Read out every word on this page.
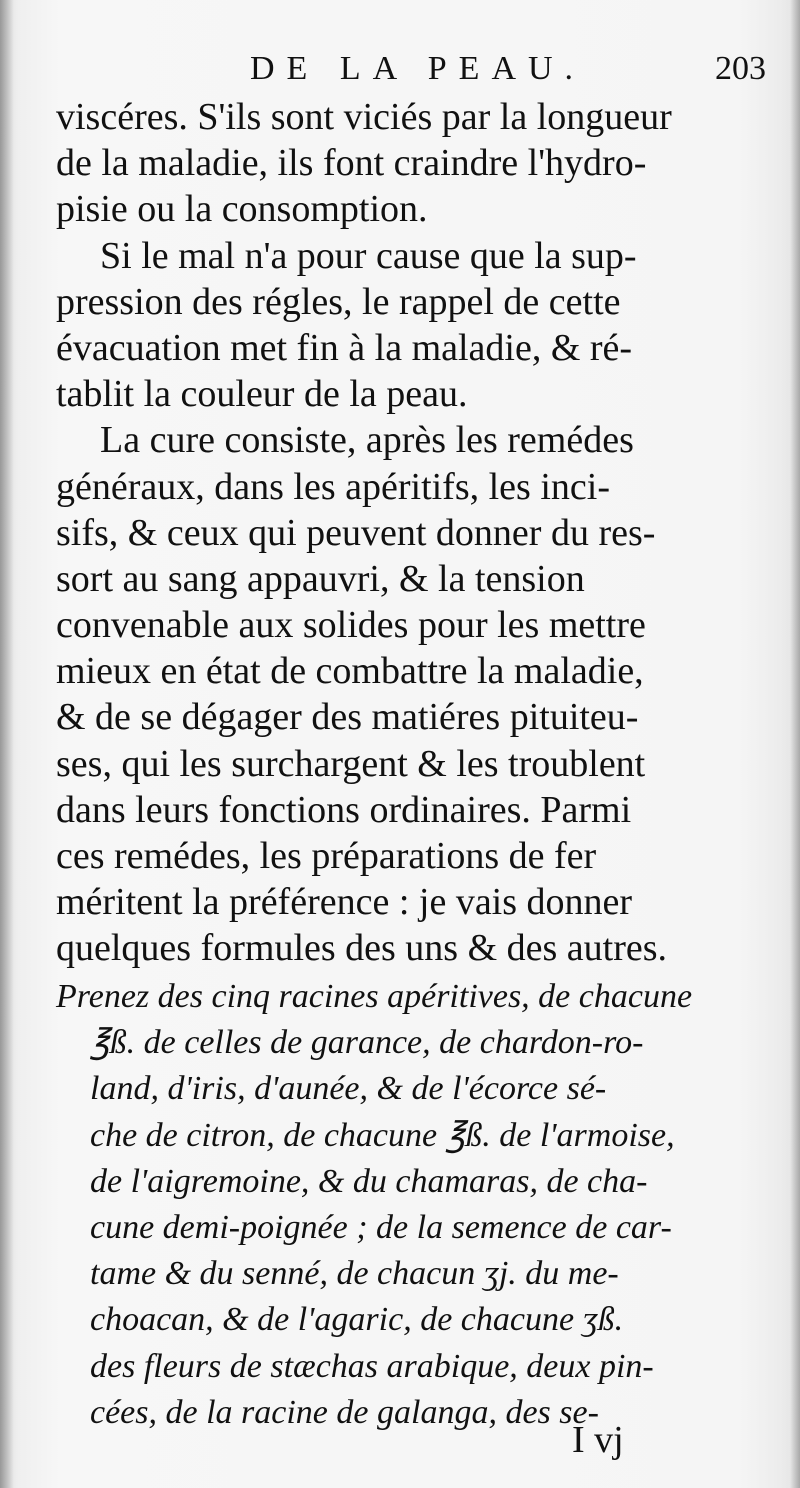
DE LA PEAU.	203
viscéres. S'ils sont viciés par la longueur
de la maladie, ils font craindre l'hydro-
pisie ou la consomption.
Si le mal n'a pour cause que la sup-
pression des régles, le rappel de cette
évacuation met fin à la maladie, & ré-
tablit la couleur de la peau.
La cure consiste, après les remédes
généraux, dans les apéritifs, les inci-
sifs, & ceux qui peuvent donner du res-
sort au sang appauvri, & la tension
convenable aux solides pour les mettre
mieux en état de combattre la maladie,
& de se dégager des matiéres pituiteu-
ses, qui les surchargent & les troublent
dans leurs fonctions ordinaires. Parmi
ces remédes, les préparations de fer
méritent la préférence : je vais donner
quelques formules des uns & des autres.
Prenez des cinq racines apéritives, de chacune
℥ß. de celles de garance, de chardon-ro-
land, d'iris, d'aunée, & de l'écorce sé-
che de citron, de chacune ℥ß. de l'armoise,
de l'aigremoine, & du chamaras, de cha-
cune demi-poignée ; de la semence de car-
tame & du senné, de chacun ʒj. du me-
choacan, & de l'agaric, de chacune ʒß.
des fleurs de stæchas arabique, deux pin-
cées, de la racine de galanga, des se-
I vj
